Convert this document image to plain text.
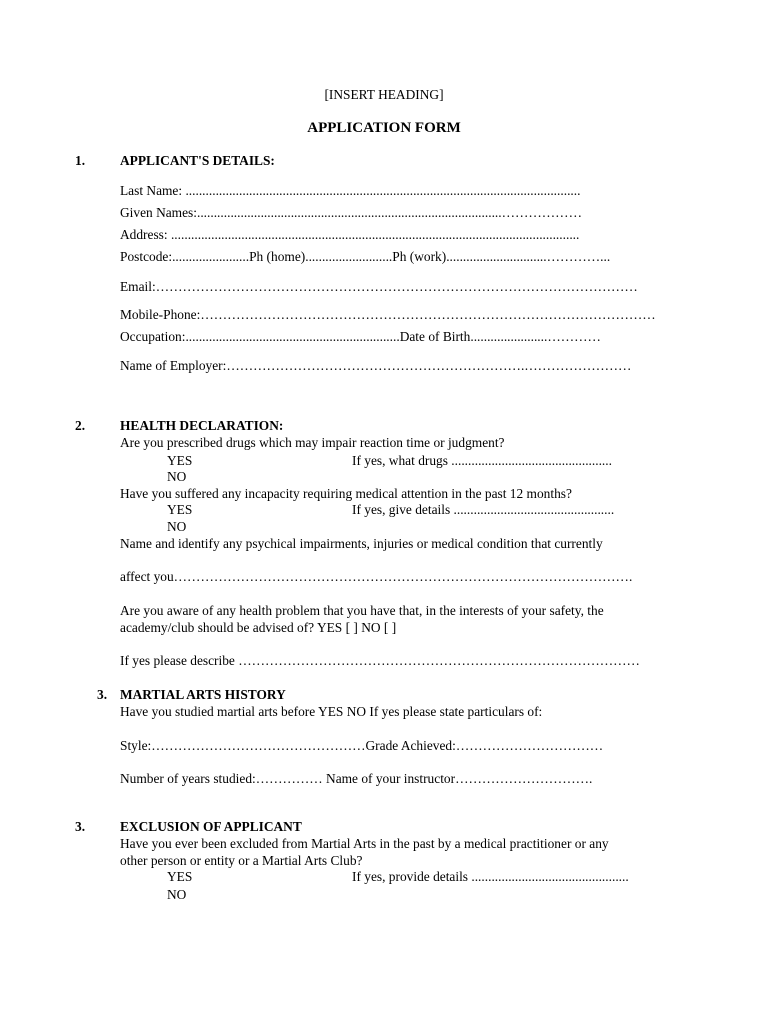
[INSERT HEADING]
APPLICATION FORM
1.	APPLICANT'S DETAILS:
Last Name: ......................................................................................................................
Given Names:...........................................................................................………………
Address: ..........................................................................................................................
Postcode:.......................Ph (home)..........................Ph (work)..............................…………...
Email:………………………………………………………………………………………………
Mobile-Phone:…………………………………………………………………………………………
Occupation:................................................................Date of Birth.......................…………
Name of Employer:………………………………………………………….……………………
2.	HEALTH DECLARATION:
Are you prescribed drugs which may impair reaction time or judgment?
YES	If yes, what drugs ................................................
NO
Have you suffered any incapacity requiring medical attention in the past 12 months?
YES	If yes, give details ................................................
NO
Name and identify any psychical impairments, injuries or medical condition that currently
affect you………………………………………………………………………………………….
Are you aware of any health problem that you have that, in the interests of your safety, the
academy/club should be advised of? YES [ ] NO [ ]
If yes please describe ………………………………………………………………………………
3. MARTIAL ARTS HISTORY
Have you studied martial arts before YES NO If yes please state particulars of:
Style:…………………………………………Grade Achieved:……………………………
Number of years studied:…………… Name of your instructor………………………….
3.	EXCLUSION OF APPLICANT
Have you ever been excluded from Martial Arts in the past by a medical practitioner or any
other person or entity or a Martial Arts Club?
YES	If yes, provide details ...............................................
NO
